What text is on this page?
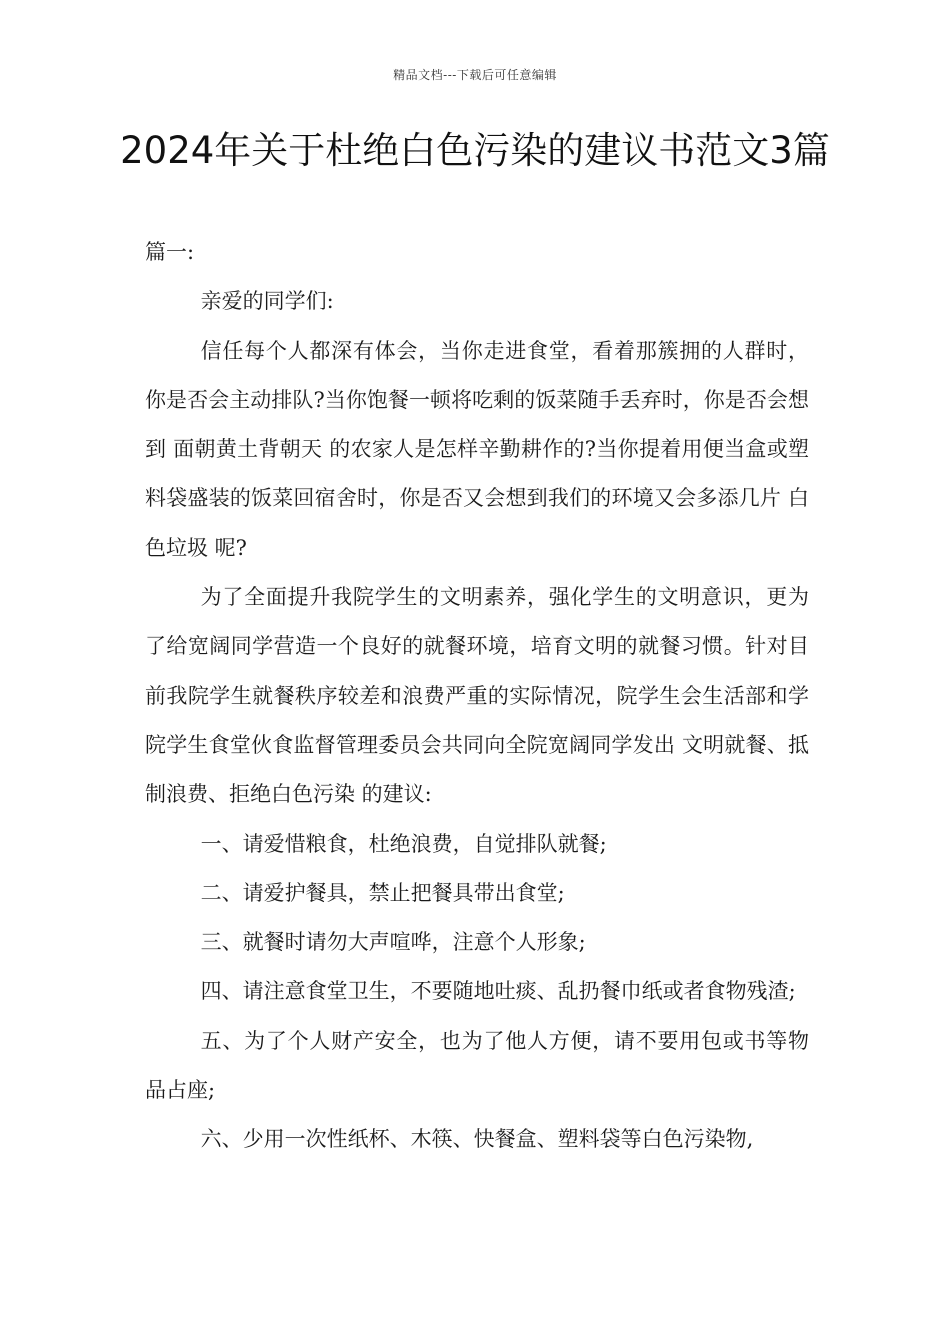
精品文档---下载后可任意编辑
2024年关于杜绝白色污染的建议书范文3篇

篇一:

亲爱的同学们:

信任每个人都深有体会，当你走进食堂，看着那簇拥的人群时，你是否会主动排队?当你饱餐一顿将吃剩的饭菜随手丢弃时，你是否会想到 面朝黄土背朝天 的农家人是怎样辛勤耕作的?当你提着用便当盒或塑料袋盛装的饭菜回宿舍时，你是否又会想到我们的环境又会多添几片 白色垃圾 呢?

为了全面提升我院学生的文明素养，强化学生的文明意识，更为了给宽阔同学营造一个良好的就餐环境，培育文明的就餐习惯。针对目前我院学生就餐秩序较差和浪费严重的实际情况，院学生会生活部和学院学生食堂伙食监督管理委员会共同向全院宽阔同学发出 文明就餐、抵制浪费、拒绝白色污染 的建议:

一、请爱惜粮食，杜绝浪费，自觉排队就餐;

二、请爱护餐具，禁止把餐具带出食堂;

三、就餐时请勿大声喧哗，注意个人形象;

四、请注意食堂卫生，不要随地吐痰、乱扔餐巾纸或者食物残渣;

五、为了个人财产安全，也为了他人方便，请不要用包或书等物品占座;

六、少用一次性纸杯、木筷、快餐盒、塑料袋等白色污染物,
